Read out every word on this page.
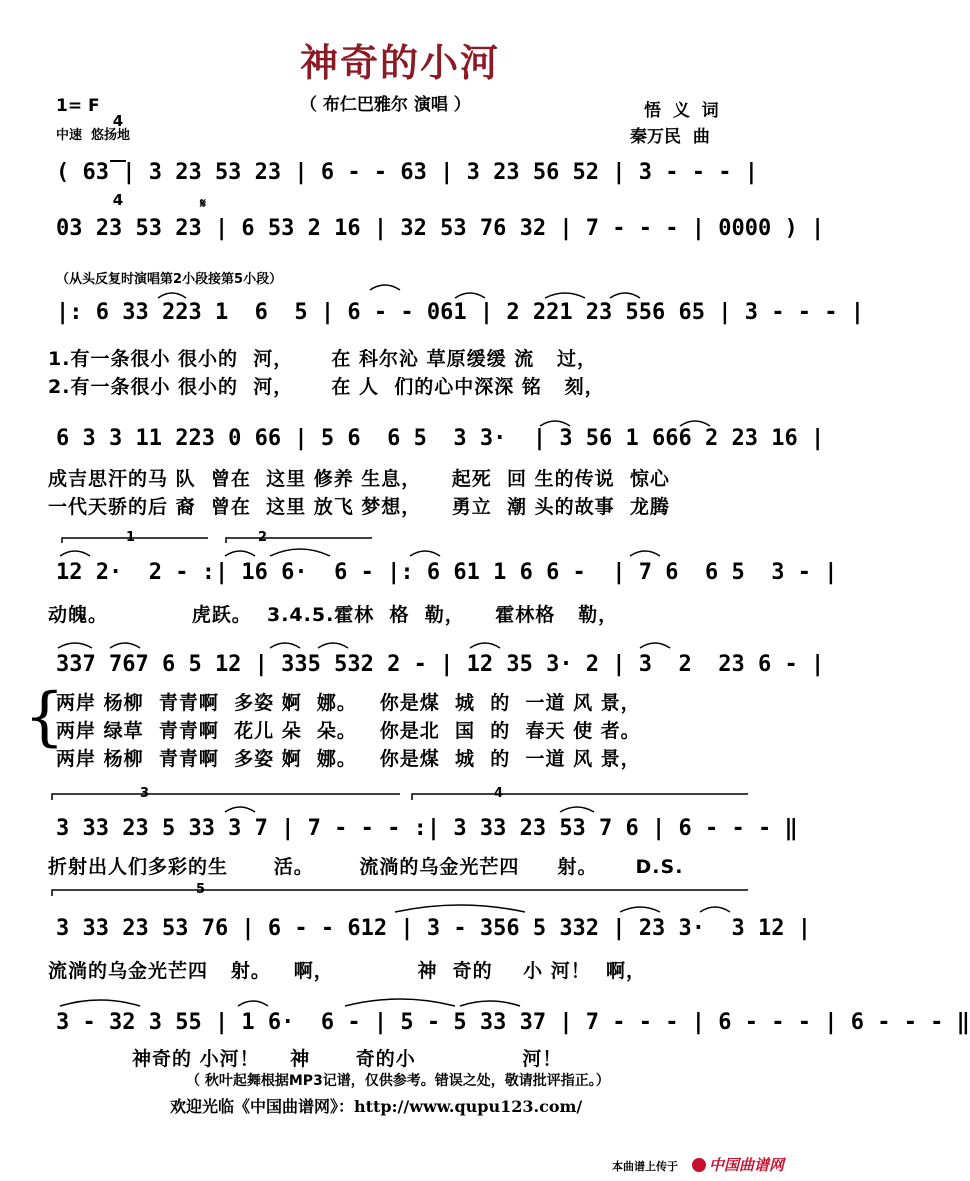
神奇的小河
（ 布仁巴雅尔 演唱 ）
1= F

4

4

中速  悠扬地
悟  义  词
秦万民  曲
( 63 | 3 23 53 23 | 6 - - 63 | 3 23 56 52 | 3 - - - |
𝄋
03 23 53 23 | 6 53 2 16 | 32 53 76 32 | 7 - - - | 0000 ) |
（从头反复时演唱第2小段接第5小段）
|: 6 33 223 1  6  5 | 6 - - 061 | 2 221 23 556 65 | 3 - - - |
1.有一条很小 很小的  河，     在 科尔沁 草原缓缓 流   过，
2.有一条很小 很小的  河，     在 人  们的心中深深 铭   刻，
6 3 3 11 223 0 66 | 5 6  6 5  3 3·  | 3 56 1 666 2 23 16 |
成吉思汗的马 队  曾在  这里 修养 生息，    起死  回 生的传说  惊心
一代天骄的后 裔  曾在  这里 放飞 梦想，    勇立  潮 头的故事  龙腾
1	2
12 2·  2 - :| 16 6·  6 - |: 6 61 1 6 6 -  | 7 6  6 5  3 - |
动魄。           虎跃。  3.4.5.霍林  格  勒，    霍林格   勒，
337 767 6 5 12 | 335 532 2 - | 12 35 3· 2 | 3  2  23 6 - |
{
两岸 杨柳  青青啊  多姿 婀  娜。   你是煤  城  的  一道 风 景，
两岸 绿草  青青啊  花儿 朵  朵。   你是北  国  的  春天 使 者。
两岸 杨柳  青青啊  多姿 婀  娜。   你是煤  城  的  一道 风 景，
3	4
3 33 23 5 33 3 7 | 7 - - - :| 3 33 23 53 7 6 | 6 - - - ‖
折射出人们多彩的生      活。      流淌的乌金光芒四     射。     D.S.
5
3 33 23 53 76 | 6 - - 612 | 3 - 356 5 332 | 23 3·  3 12 |
流淌的乌金光芒四   射。   啊，           神  奇的    小 河！  啊，
3 - 32 3 55 | 1 6·  6 - | 5 - 5 33 37 | 7 - - - | 6 - - - | 6 - - - ‖
神奇的 小河！    神      奇的小              河！
（ 秋叶起舞根据MP3记谱，仅供参考。错误之处，敬请批评指正。）
欢迎光临《中国曲谱网》：http://www.qupu123.com/
本曲谱上传于 中国曲谱网
